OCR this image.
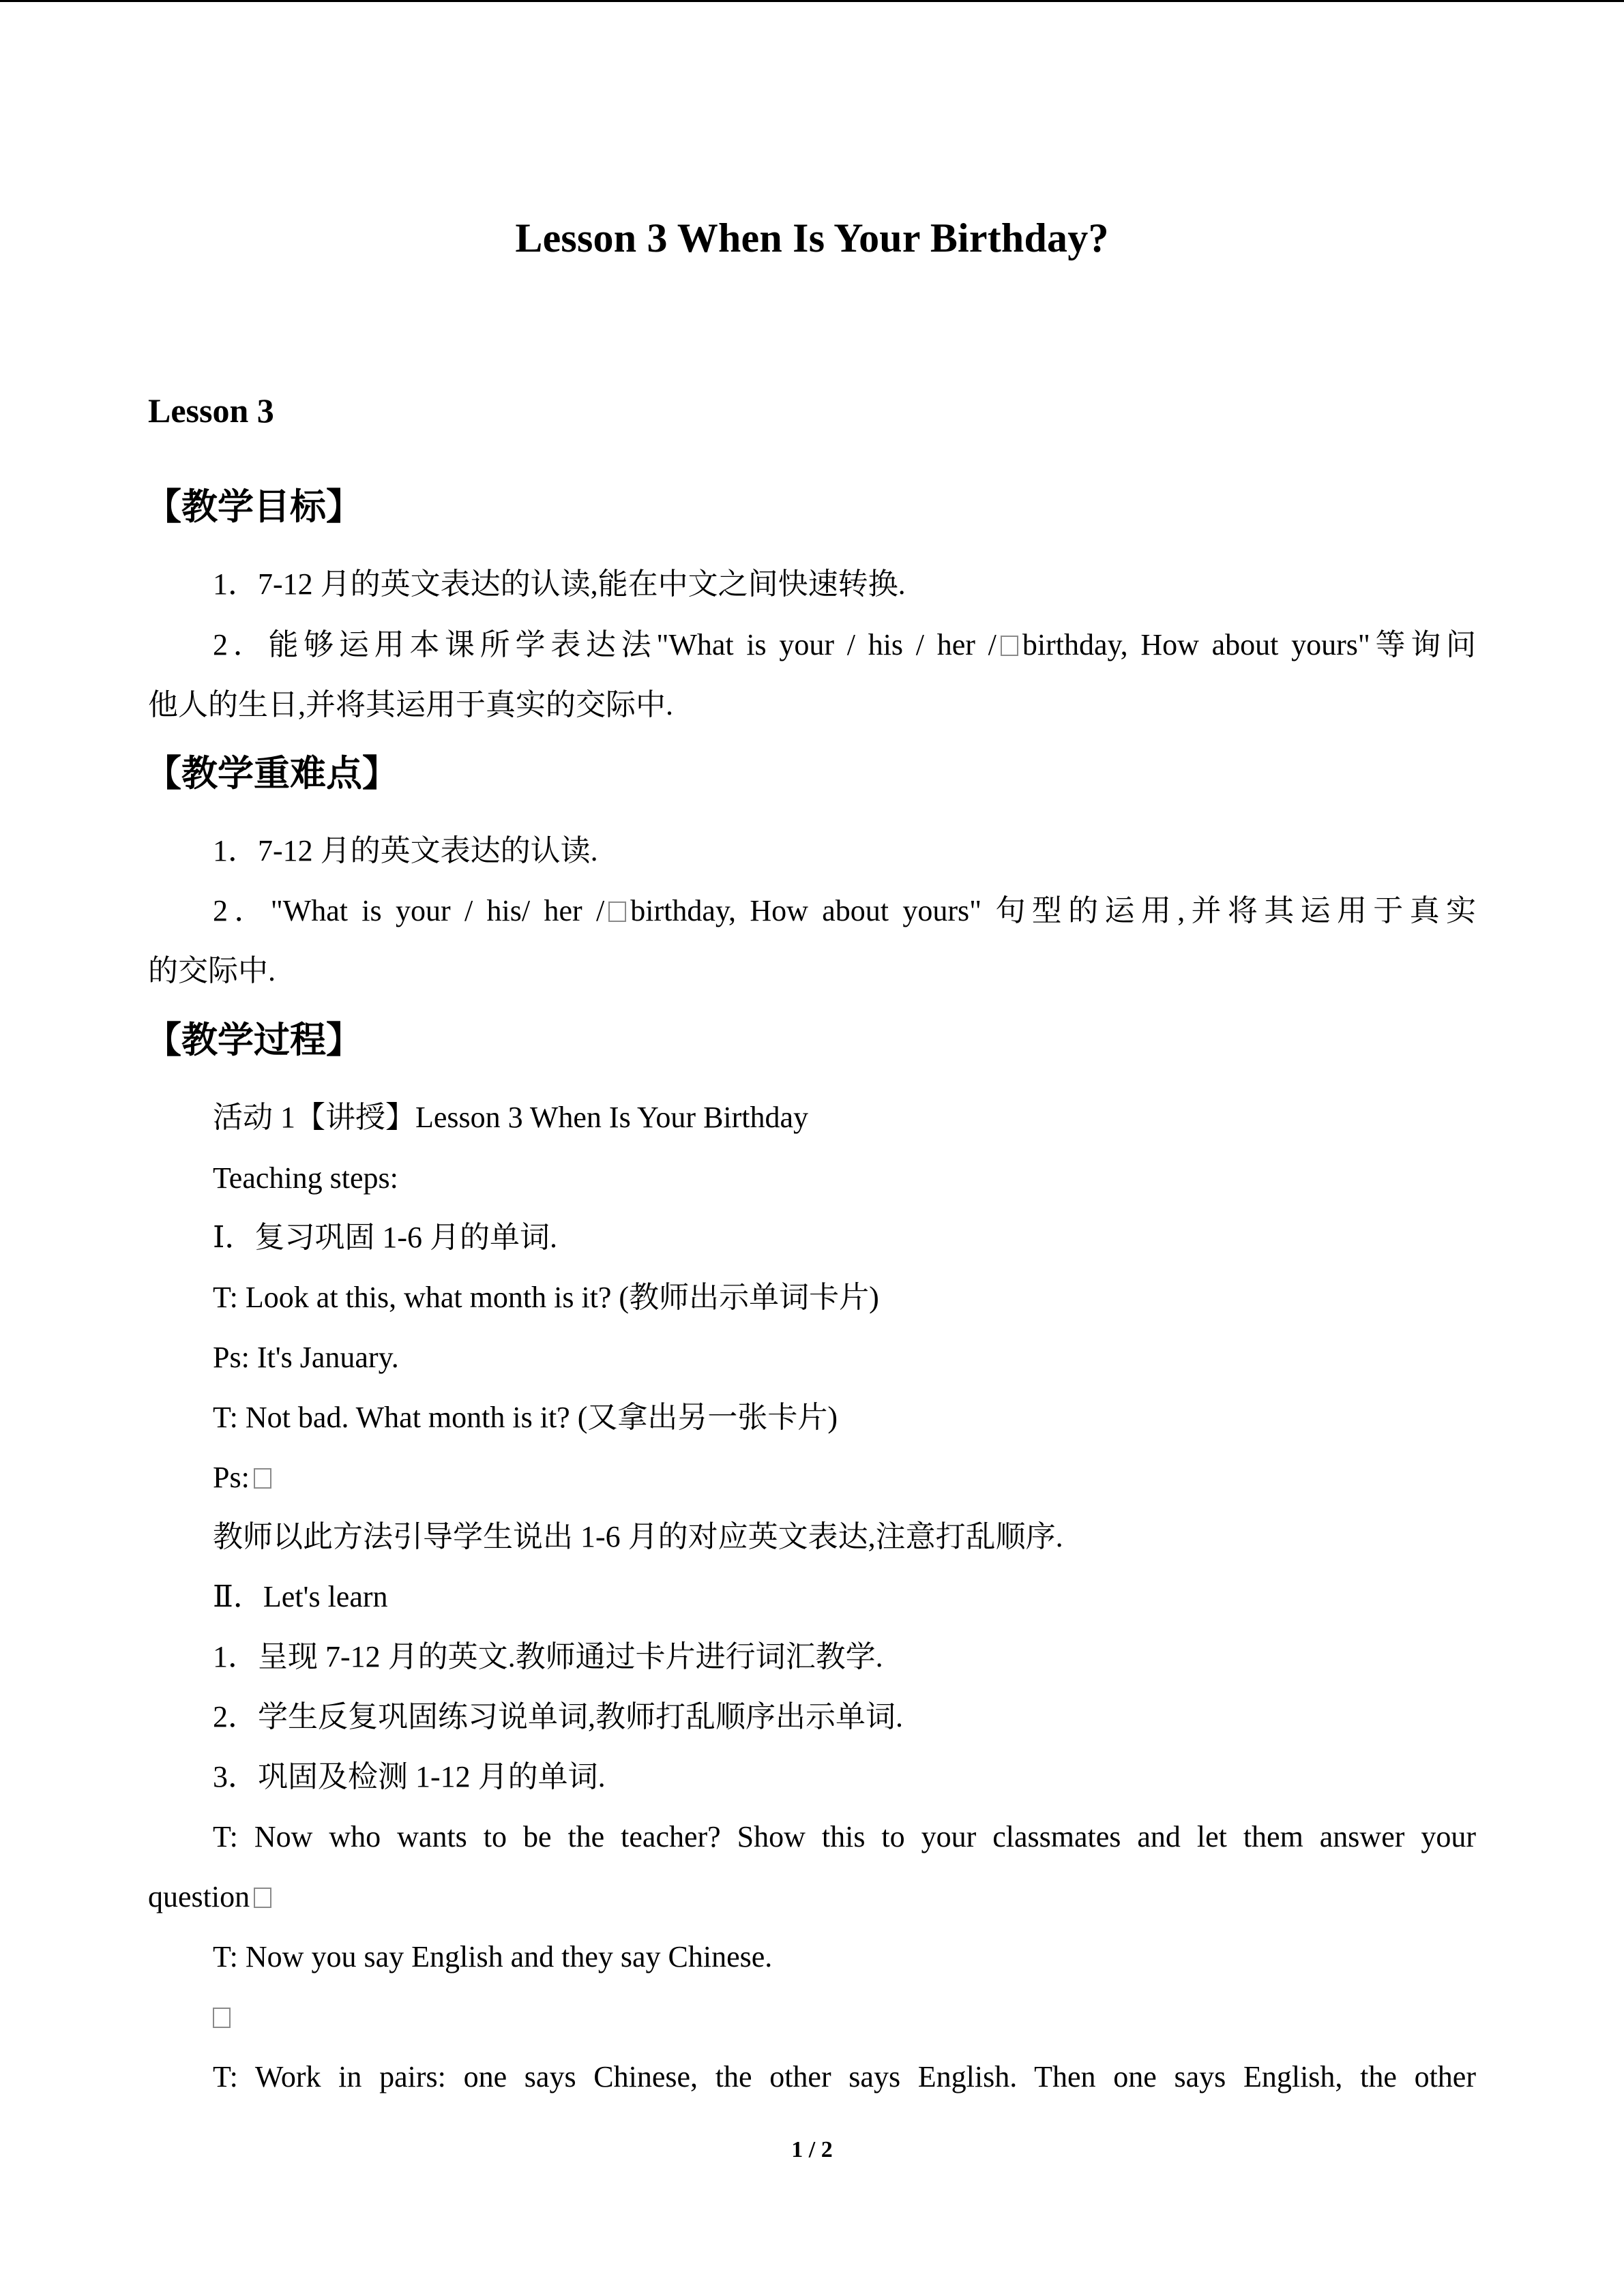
Lesson 3 When Is Your Birthday?
Lesson 3
【教学目标】
1．7-12 月的英文表达的认读,能在中文之间快速转换.
2．能够运用本课所学表达法"What is your / his / her / birthday, How about yours"等询问
他人的生日,并将其运用于真实的交际中.
【教学重难点】
1．7-12 月的英文表达的认读.
2．"What is your / his/ her / birthday, How about yours" 句型的运用,并将其运用于真实
的交际中.
【教学过程】
活动 1【讲授】Lesson 3 When Is Your Birthday
Teaching steps:
Ⅰ．复习巩固 1-6 月的单词.
T: Look at this, what month is it? (教师出示单词卡片)
Ps: It's January.
T: Not bad. What month is it? (又拿出另一张卡片)
Ps:
教师以此方法引导学生说出 1-6 月的对应英文表达,注意打乱顺序.
Ⅱ．Let's learn
1．呈现 7-12 月的英文.教师通过卡片进行词汇教学.
2．学生反复巩固练习说单词,教师打乱顺序出示单词.
3．巩固及检测 1-12 月的单词.
T: Now who wants to be the teacher? Show this to your classmates and let them answer your
question
T: Now you say English and they say Chinese.
T: Work in pairs: one says Chinese, the other says English. Then one says English, the other
1 / 2
